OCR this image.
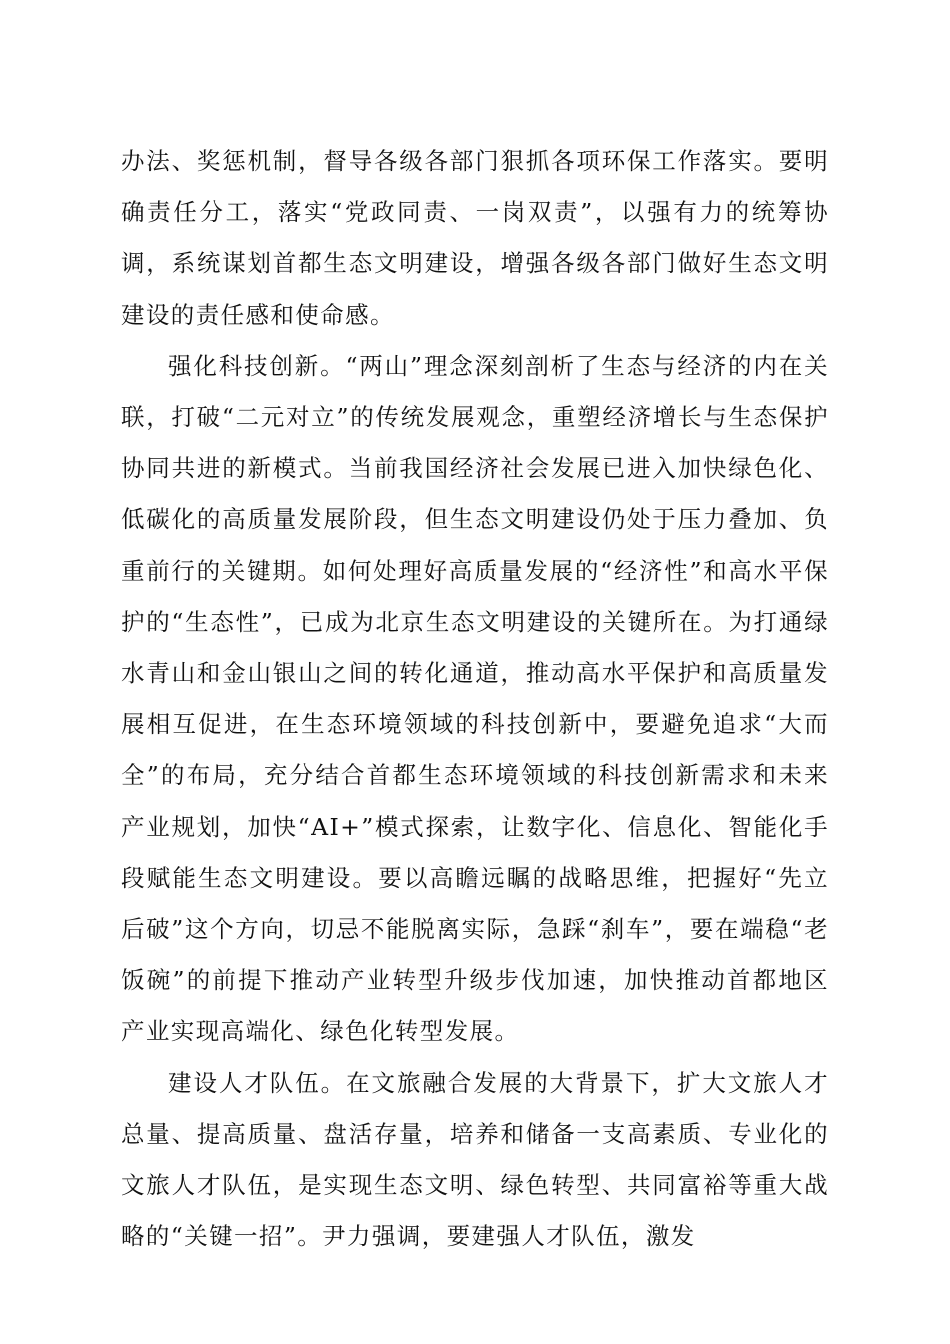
办法、奖惩机制，督导各级各部门狠抓各项环保工作落实。要明确责任分工，落实“党政同责、一岗双责”，以强有力的统筹协调，系统谋划首都生态文明建设，增强各级各部门做好生态文明建设的责任感和使命感。

强化科技创新。“两山”理念深刻剖析了生态与经济的内在关联，打破“二元对立”的传统发展观念，重塑经济增长与生态保护协同共进的新模式。当前我国经济社会发展已进入加快绿色化、低碳化的高质量发展阶段，但生态文明建设仍处于压力叠加、负重前行的关键期。如何处理好高质量发展的“经济性”和高水平保护的“生态性”，已成为北京生态文明建设的关键所在。为打通绿水青山和金山银山之间的转化通道，推动高水平保护和高质量发展相互促进，在生态环境领域的科技创新中，要避免追求“大而全”的布局，充分结合首都生态环境领域的科技创新需求和未来产业规划，加快“AI+”模式探索，让数字化、信息化、智能化手段赋能生态文明建设。要以高瞻远瞩的战略思维，把握好“先立后破”这个方向，切忌不能脱离实际，急踩“刹车”，要在端稳“老饭碗”的前提下推动产业转型升级步伐加速，加快推动首都地区产业实现高端化、绿色化转型发展。

建设人才队伍。在文旅融合发展的大背景下，扩大文旅人才总量、提高质量、盘活存量，培养和储备一支高素质、专业化的文旅人才队伍，是实现生态文明、绿色转型、共同富裕等重大战略的“关键一招”。尹力强调，要建强人才队伍，激发
